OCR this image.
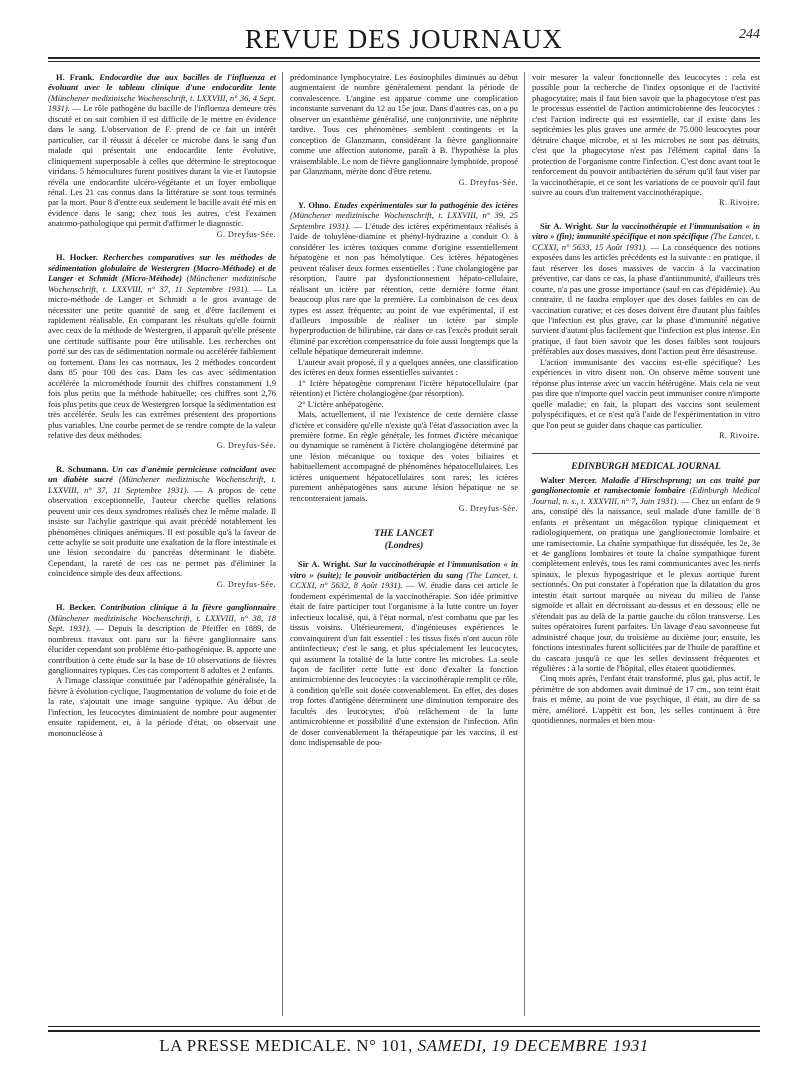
REVUE DES JOURNAUX	244

H. Frank. Endocardite due aux bacilles de l'influenza et évoluant avec le tableau clinique d'une endocardite lente (Münchener medizinische Wochenschrift, t. LXXVIII, n° 36, 4 Sept. 1931). — Le rôle pathogène du bacille de l'influenza demeure très discuté et on sait combien il est difficile de le mettre en évidence dans le sang. L'observation de F. prend de ce fait un intérêt particulier, car il réussit à déceler ce microbe dans le sang d'un malade qui présentait une endocardite lente évolutive, cliniquement superposable à celles que détermine le streptocoque viridans. 5 hémocultures furent positives durant la vie et l'autopsie révéla une endocardite ulcéro-végétante et un foyer embolique rénal. Les 21 cas connus dans la littérature se sont tous terminés par la mort. Pour 8 d'entre eux seulement le bacille avait été mis en évidence dans le sang; chez tous les autres, c'est l'examen anatomo-pathologique qui permit d'affirmer le diagnostic.

G. Dreyfus-Sée.

H. Hocker. Recherches comparatives sur les méthodes de sédimentation globulaire de Westergren (Macro-Méthode) et de Langer et Schmidt (Micro-Méthode) (Münchener medizinische Wochenschrift, t. LXXVIII, n° 37, 11 Septembre 1931). — La micro-méthode de Langer et Schmidt a le gros avantage de nécessiter une petite quantité de sang et d'être facilement et rapidement réalisable. En comparant les résultats qu'elle fournit avec ceux de la méthode de Westergren, il apparaît qu'elle présente une certitude suffisante pour être utilisable. Les recherches ont porté sur des cas de sédimentation normale ou accélérée faiblement ou fortement. Dans les cas normaux, les 2 méthodes concordent dans 85 pour 100 des cas. Dans les cas avec sédimentation accélérée la microméthode fournit des chiffres constamment 1,9 fois plus petits que la méthode habituelle; ces chiffres sont 2,76 fois plus petits que ceux de Westergren lorsque la sédimentation est très accélérée. Seuls les cas extrêmes présentent des proportions plus variables. Une courbe permet de se rendre compte de la valeur relative des deux méthodes.

G. Dreyfus-Sée.

R. Schumann. Un cas d'anémie pernicieuse coïncidant avec un diabète sucré (Münchener medizinische Wochenschrift, t. LXXVIII, n° 37, 11 Septembre 1931). — A propos de cette observation exceptionnelle, l'auteur cherche quelles relations peuvent unir ces deux syndromes réalisés chez le même malade. Il insiste sur l'achylie gastrique qui avait précédé notablement les phénomènes cliniques anémiques. Il est possible qu'à la faveur de cette achylie se soit produite une exaltation de la flore intestinale et une lésion secondaire du pancréas déterminant le diabète. Cependant, la rareté de ces cas ne permet pas d'éliminer la coïncidence simple des deux affections.

G. Dreyfus-Sée.

H. Becker. Contribution clinique à la fièvre ganglionnaire (Münchener medizinische Wochenschrift, t. LXXVIII, n° 38, 18 Sept. 1931). — Depuis la description de Pfeiffer en 1889, de nombreux travaux ont paru sur la fièvre ganglionnaire sans élucider cependant son problème étio-pathogénique. B. apporte une contribution à cette étude sur la base de 10 observations de fièvres ganglionnaires typiques. Ces cas comportent 8 adultes et 2 enfants.

A l'image classique constituée par l'adénopathie généralisée, la fièvre à évolution cyclique, l'augmentation de volume du foie et de la rate, s'ajoutait une image sanguine typique. Au début de l'infection, les leucocytes diminuaient de nombre pour augmenter ensuite rapidement, et, à la période d'état, on observait une mononucléose à

prédominance lymphocytaire. Les éosinophiles diminués au début augmentaient de nombre généralement pendant la période de convalescence. L'angine est apparue comme une complication inconstante survenant du 12 au 15e jour. Dans d'autres cas, on a pu observer un exanthème généralisé, une conjonctivite, une néphrite tardive. Tous ces phénomènes semblent contingents et la conception de Glanzmann, considérant la fièvre ganglionnaire comme une affection autonome, paraît à B. l'hypothèse la plus vraisemblable. Le nom de fièvre ganglionnaire lymphoïde, proposé par Glanzmann, mérite donc d'être retenu.

G. Dreyfus-Sée.

Y. Ohno. Etudes expérimentales sur la pathogénie des ictères (Münchener medizinische Wochenschrift, t. LXXVIII, n° 39, 25 Septembre 1931). — L'étude des ictères expérimentaux réalisés à l'aide de toluylène-diamine et phényl-hydrazine a conduit O. à considérer les ictères toxiques comme d'origine essentiellement hépatogène et non pas hémolytique. Ces ictères hépatogènes peuvent réaliser deux formes essentielles : l'une cholangiogène par résorption, l'autre par dysfonctionnement hépato-cellulaire, réalisant un ictère par rétention, cette dernière forme étant beaucoup plus rare que la première. La combinaison de ces deux types est assez fréquente; au point de vue expérimental, il est d'ailleurs impossible de réaliser un ictère par simple hyperproduction de bilirubine, car dans ce cas l'excès produit serait éliminé par excrétion compensatrice du foie aussi longtemps que la cellule hépatique demeurerait indemne.

L'auteur avait proposé, il y a quelques années, une classification des ictères en deux formes essentielles suivantes :

1° Ictère hépatogène comprenant l'ictère hépatocellulaire (par rétention) et l'ictère cholangiogène (par résorption).

2° L'ictère anhépatogène.

Mais, actuellement, il nie l'existence de cette dernière classe d'ictère et considère qu'elle n'existe qu'à l'état d'association avec la première forme. En règle générale, les formes d'ictère mécanique ou dynamique se ramènent à l'ictère cholangiogène déterminé par une lésion mécanique ou toxique des voies biliaires et habituellement accompagné de phénomènes hépatocellulaires. Les ictères uniquement hépatocellulaires sont rares; les ictères purement anhépatogènes sans aucune lésion hépatique ne se rencontreraient jamais.

G. Dreyfus-Sée.
THE LANCET
(Londres)

Sir A. Wright. Sur la vaccinothérapie et l'immunisation « in vitro » (suite); le pouvoir antibactérien du sang (The Lancet, t. CCXXI, n° 5632, 8 Août 1931). — W. étudie dans cet article le fondement expérimental de la vaccinothérapie. Son idée primitive était de faire participer tout l'organisme à la lutte contre un foyer infectieux localisé, qui, à l'état normal, n'est combattu que par les tissus voisins. Ultérieurement, d'ingénieuses expériences le convainquirent d'un fait essentiel : les tissus fixés n'ont aucun rôle antiinfectieux; c'est le sang, et plus spécialement les leucocytes, qui assument la totalité de la lutte contre les microbes. La seule façon de faciliter cette lutte est donc d'exalter la fonction antimicrobienne des leucocytes : la vaccinothérapie remplit ce rôle, à condition qu'elle soit dosée convenablement. En effet, des doses trop fortes d'antigène déterminent une diminution temporaire des facultés des leucocytes; d'où relâchement de la lutte antimicrobienne et possibilité d'une extension de l'infection. Afin de doser convenablement la thérapeutique par les vaccins, il est donc indispensable de pou-

voir mesurer la valeur fonctionnelle des leucocytes : cela est possible pour la recherche de l'index opsonique et de l'activité phagocytaire; mais il faut bien savoir que la phagocytose n'est pas le processus essentiel de l'action antimicrobienne des leucocytes : c'est l'action indirecte qui est essentielle, car il existe dans les septicémies les plus graves une armée de 75.000 leucocytes pour détruire chaque microbe, et si les microbes ne sont pas détruits, c'est que la phagocytose n'est pas l'élément capital dans la protection de l'organisme contre l'infection. C'est donc avant tout le renforcement du pouvoir antibactérien du sérum qu'il faut viser par la vaccinothérapie, et ce sont les variations de ce pouvoir qu'il faut suivre au cours d'un traitement vaccinothérapique.

R. Rivoire.

Sir A. Wright. Sur la vaccinothérapie et l'immunisation « in vitro » (fin); immunité spécifique et non spécifique (The Lancet, t. CCXXI, n° 5633, 15 Août 1931). — La conséquence des notions exposées dans les articles précédents est la suivante : en pratique, il faut réserver les doses massives de vaccin à la vaccination préventive, car dans ce cas, la phase d'antiimmunité, d'ailleurs très courte, n'a pas une grosse importance (sauf en cas d'épidémie). Au contraire, il ne faudra employer que des doses faibles en cas de vaccination curative; et ces doses doivent être d'autant plus faibles que l'infection est plus grave, car la phase d'immunité négative survient d'autant plus facilement que l'infection est plus intense. En pratique, il faut bien savoir que les doses faibles sont toujours préférables aux doses massives, dont l'action peut être désastreuse.

L'action immunisante des vaccins est-elle spécifique? Les expériences in vitro disent non. On observe même souvent une réponse plus intense avec un vaccin hétérogène. Mais cela ne veut pas dire que n'importe quel vaccin peut immuniser contre n'importe quelle maladie; en fait, la plupart des vaccins sont seulement polyspécifiques, et ce n'est qu'à l'aide de l'expérimentation in vitro que l'on peut se guider dans chaque cas particulier.

R. Rivoire.
EDINBURGH MEDICAL JOURNAL

Walter Mercer. Maladie d'Hirschsprung; un cas traité par ganglionectomie et ramisectomie lombaire (Edinburgh Medical Journal, n. s., t. XXXVIII, n° 7, Juin 1931). — Chez un enfant de 9 ans, constipé dès la naissance, seul malade d'une famille de 8 enfants et présentant un mégacôlon typique cliniquement et radiologiquement, on pratiqua une ganglionectomie lombaire et une ramisectomie. La chaîne sympathique fut disséquée, les 2e, 3e et 4e ganglions lombaires et toute la chaîne sympathique furent complètement enlevés, tous les rami communicantes avec les nerfs spinaux, le plexus hypogastrique et le plexus aortique furent sectionnés. On put constater à l'opération que la dilatation du gros intestin était surtout marquée au niveau du milieu de l'anse sigmoïde et allait en décroissant au-dessus et en dessous; elle ne s'étendait pas au delà de la partie gauche du côlon transverse. Les suites opératoires furent parfaites. Un lavage d'eau savonneuse fut administré chaque jour, du troisième au dixième jour; ensuite, les fonctions intestinales furent sollicitées par de l'huile de paraffine et du cascara jusqu'à ce que les selles devinssent fréquentes et régulières : à la sortie de l'hôpital, elles étaient quotidiennes.

Cinq mois après, l'enfant était transformé, plus gai, plus actif, le périmètre de son abdomen avait diminué de 17 cm., son teint était frais et même, au point de vue psychique, il était, au dire de sa mère, amélioré. L'appétit est bon, les selles continuent à être quotidiennes, normales et bien mou-

LA PRESSE MEDICALE. N° 101, SAMEDI, 19 DECEMBRE 1931
